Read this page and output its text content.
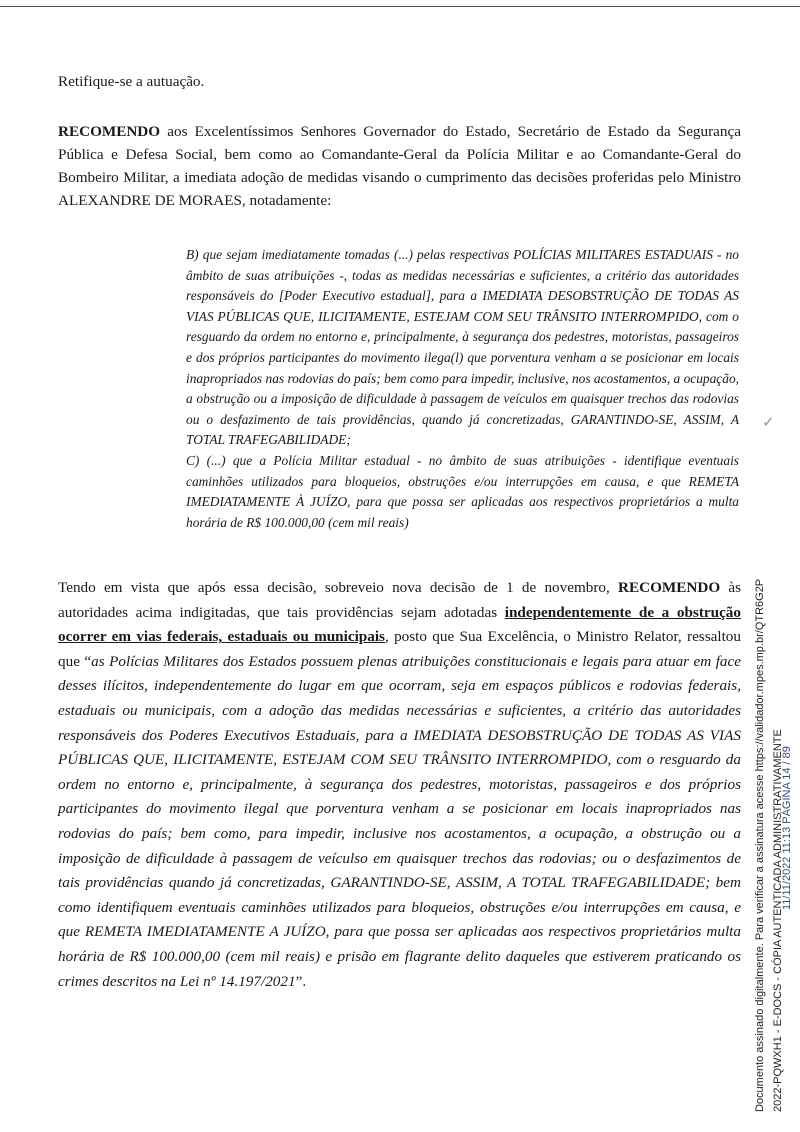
Retifique-se a autuação.

RECOMENDO aos Excelentíssimos Senhores Governador do Estado, Secretário de Estado da Segurança Pública e Defesa Social, bem como ao Comandante-Geral da Polícia Militar e ao Comandante-Geral do Bombeiro Militar, a imediata adoção de medidas visando o cumprimento das decisões proferidas pelo Ministro ALEXANDRE DE MORAES, notadamente:

B) que sejam imediatamente tomadas (...) pelas respectivas POLÍCIAS MILITARES ESTADUAIS - no âmbito de suas atribuições -, todas as medidas necessárias e suficientes, a critério das autoridades responsáveis do [Poder Executivo estadual], para a IMEDIATA DESOBSTRUÇÃO DE TODAS AS VIAS PÚBLICAS QUE, ILICITAMENTE, ESTEJAM COM SEU TRÂNSITO INTERROMPIDO, com o resguardo da ordem no entorno e, principalmente, à segurança dos pedestres, motoristas, passageiros e dos próprios participantes do movimento ilega(l) que porventura venham a se posicionar em locais inapropriados nas rodovias do país; bem como para impedir, inclusive, nos acostamentos, a ocupação, a obstrução ou a imposição de dificuldade à passagem de veículos em quaisquer trechos das rodovias ou o desfazimento de tais providências, quando já concretizadas, GARANTINDO-SE, ASSIM, A TOTAL TRAFEGABILIDADE;
C) (...) que a Polícia Militar estadual - no âmbito de suas atribuições - identifique eventuais caminhões utilizados para bloqueios, obstruções e/ou interrupções em causa, e que REMETA IMEDIATAMENTE À JUÍZO, para que possa ser aplicadas aos respectivos proprietários a multa horária de R$ 100.000,00 (cem mil reais)

Tendo em vista que após essa decisão, sobreveio nova decisão de 1 de novembro, RECOMENDO às autoridades acima indigitadas, que tais providências sejam adotadas independentemente de a obstrução ocorrer em vias federais, estaduais ou municipais, posto que Sua Excelência, o Ministro Relator, ressaltou que “as Polícias Militares dos Estados possuem plenas atribuições constitucionais e legais para atuar em face desses ilícitos, independentemente do lugar em que ocorram, seja em espaços públicos e rodovias federais, estaduais ou municipais, com a adoção das medidas necessárias e suficientes, a critério das autoridades responsáveis dos Poderes Executivos Estaduais, para a IMEDIATA DESOBSTRUÇÃO DE TODAS AS VIAS PÚBLICAS QUE, ILICITAMENTE, ESTEJAM COM SEU TRÂNSITO INTERROMPIDO, com o resguardo da ordem no entorno e, principalmente, à segurança dos pedestres, motoristas, passageiros e dos próprios participantes do movimento ilegal que porventura venham a se posicionar em locais inapropriados nas rodovias do país; bem como, para impedir, inclusive nos acostamentos, a ocupação, a obstrução ou a imposição de dificuldade à passagem de veículso em quaisquer trechos das rodovias; ou o desfazimentos de tais providências quando já concretizadas, GARANTINDO-SE, ASSIM, A TOTAL TRAFEGABILIDADE; bem como identifiquem eventuais caminhões utilizados para bloqueios, obstruções e/ou interrupções em causa, e que REMETA IMEDIATAMENTE A JUÍZO, para que possa ser aplicadas aos respectivos proprietários multa horária de R$ 100.000,00 (cem mil reais) e prisão em flagrante delito daqueles que estiverem praticando os crimes descritos na Lei nº 14.197/2021”.

✓
Documento assinado digitalmente. Para verificar a assinatura acesse https://validador.mpes.mp.br/QTR6G2P 2022-PQWXH1 - E-DOCS - CÓPIA AUTENTICADA ADMINISTRATIVAMENTE
11/11/2022 11:13 PÁGINA 14 / 89
